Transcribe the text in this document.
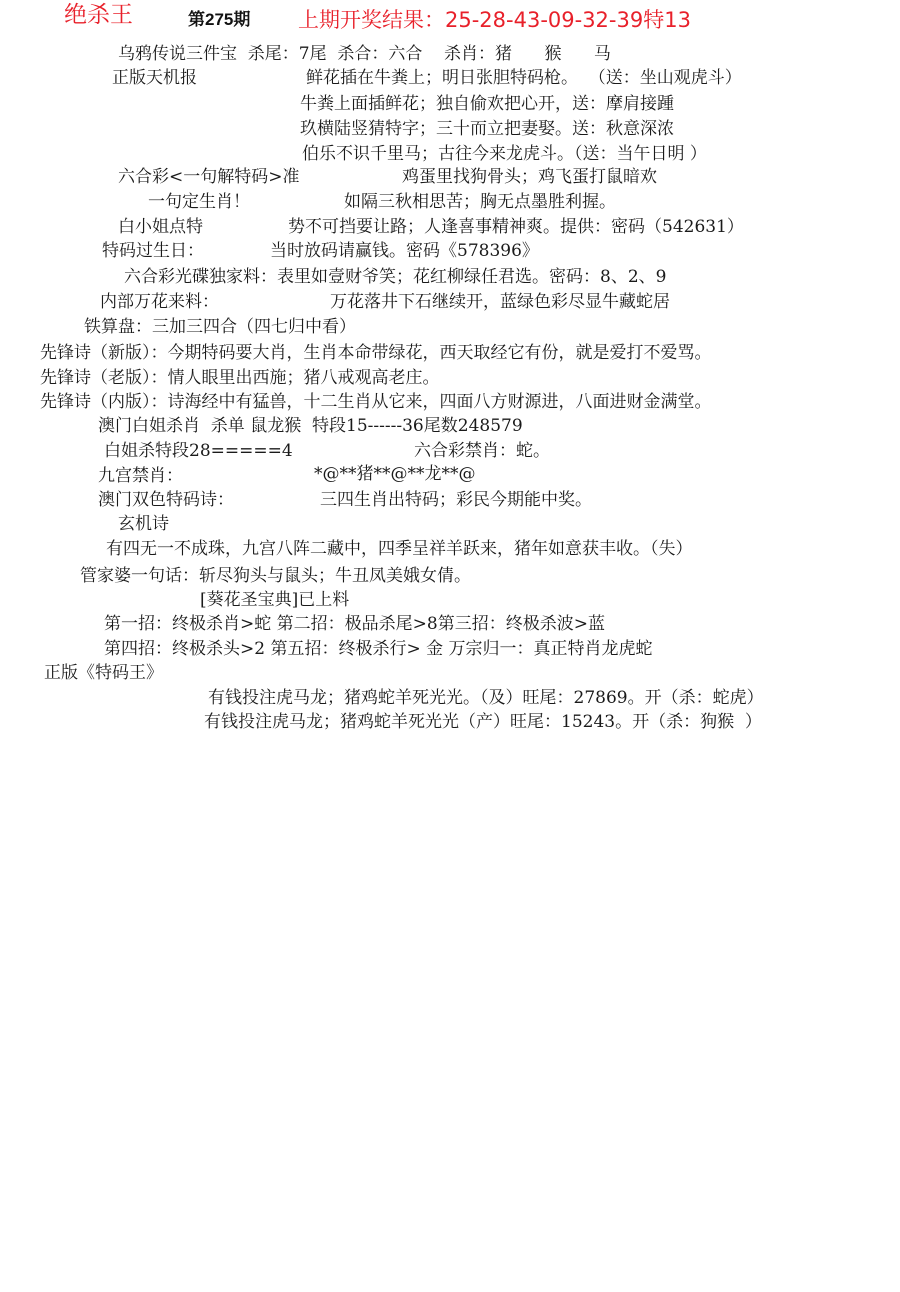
绝杀王	第275期 上期开奖结果：25-28-43-09-32-39特13
乌鸦传说三件宝  杀尾：7尾  杀合：六合    杀肖：猪      猴      马
正版天机报	鲜花插在牛粪上；明日张胆特码枪。  （送：坐山观虎斗）
牛粪上面插鲜花；独自偷欢把心开，送：摩肩接踵
玖横陆竖猜特字；三十而立把妻娶。送：秋意深浓
伯乐不识千里马；古往今来龙虎斗。（送：当午日明 ）
六合彩<一句解特码>准	鸡蛋里找狗骨头；鸡飞蛋打鼠暗欢
一句定生肖！	如隔三秋相思苦；胸无点墨胜利握。
白小姐点特	势不可挡要让路；人逢喜事精神爽。提供：密码（542631）
特码过生日：	当时放码请赢钱。密码《578396》
六合彩光碟独家料：表里如壹财爷笑；花红柳绿任君选。密码：8、2、9
内部万花来料：	万花落井下石继续开，蓝绿色彩尽显牛藏蛇居
铁算盘：三加三四合（四七归中看）
先锋诗（新版）：今期特码要大肖，生肖本命带绿花，西天取经它有份，就是爱打不爱骂。
先锋诗（老版）：情人眼里出西施；猪八戒观高老庄。
先锋诗（内版）：诗海经中有猛兽，十二生肖从它来，四面八方财源进，八面进财金满堂。
澳门白姐杀肖  杀单 鼠龙猴  特段15------36尾数248579
白姐杀特段28=====4	六合彩禁肖：蛇。
九宫禁肖：	*@**猪**@**龙**@
澳门双色特码诗：	三四生肖出特码；彩民今期能中奖。
玄机诗
有四无一不成珠，九宫八阵二藏中，四季呈祥羊跃来，猪年如意获丰收。（失）
管家婆一句话：斩尽狗头与鼠头；牛丑凤美娥女倩。
[葵花圣宝典]已上料
第一招：终极杀肖>蛇 第二招：极品杀尾>8第三招：终极杀波>蓝
第四招：终极杀头>2 第五招：终极杀行> 金 万宗归一：真正特肖龙虎蛇
正版《特码王》
有钱投注虎马龙；猪鸡蛇羊死光光。（及）旺尾：27869。开（杀：蛇虎）
有钱投注虎马龙；猪鸡蛇羊死光光（产）旺尾：15243。开（杀：狗猴  ）
